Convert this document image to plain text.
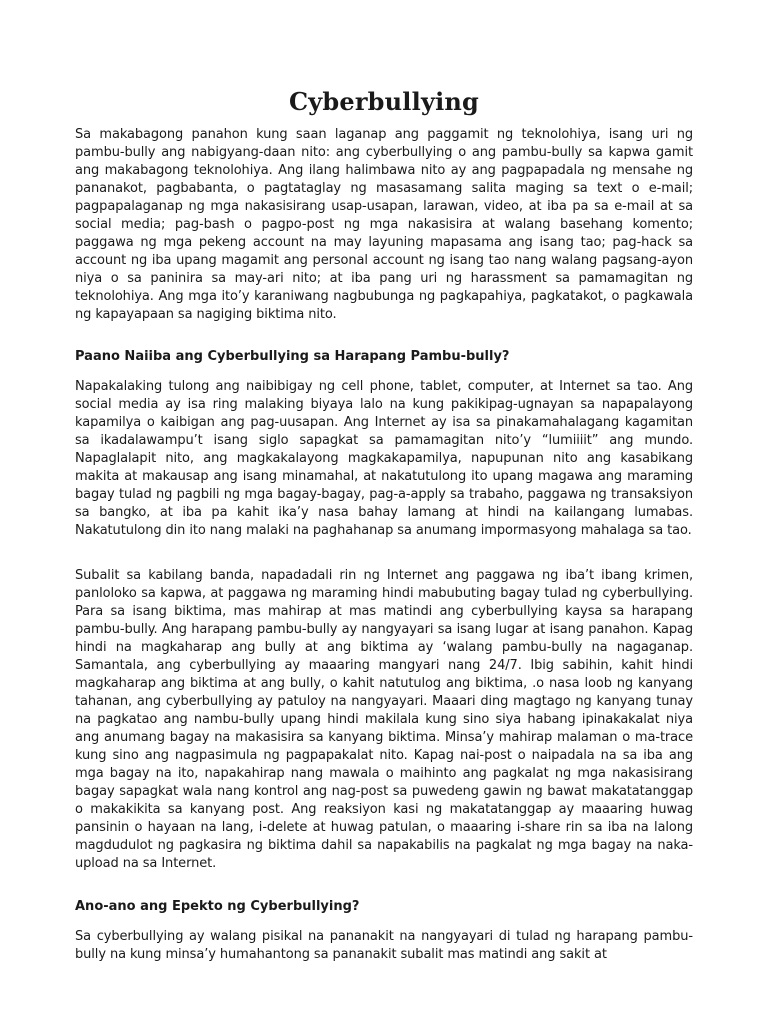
Cyberbullying

Sa makabagong panahon kung saan laganap ang paggamit ng teknolohiya, isang uri ng pambu-bully ang nabigyang-daan nito: ang cyberbullying o ang pambu-bully sa kapwa gamit ang makabagong teknolohiya. Ang ilang halimbawa nito ay ang pagpapadala ng mensahe ng pananakot, pagbabanta, o pagtataglay ng masasamang salita maging sa text o e-mail; pagpapalaganap ng mga nakasisirang usap-usapan, larawan, video, at iba pa sa e-mail at sa social media; pag-bash o pagpo-post ng mga nakasisira at walang basehang komento; paggawa ng mga pekeng account na may layuning mapasama ang isang tao; pag-hack sa account ng iba upang magamit ang personal account ng isang tao nang walang pagsang-ayon niya o sa paninira sa may-ari nito; at iba pang uri ng harassment sa pamamagitan ng teknolohiya. Ang mga ito’y karaniwang nagbubunga ng pagkapahiya, pagkatakot, o pagkawala ng kapayapaan sa nagiging biktima nito.

Paano Naiiba ang Cyberbullying sa Harapang Pambu-bully?

Napakalaking tulong ang naibibigay ng cell phone, tablet, computer, at Internet sa tao. Ang social media ay isa ring malaking biyaya lalo na kung pakikipag-ugnayan sa napapalayong kapamilya o kaibigan ang pag-uusapan. Ang Internet ay isa sa pinakamahalagang kagamitan sa ikadalawampu’t isang siglo sapagkat sa pamamagitan nito’y “lumiiiit” ang mundo. Napaglalapit nito, ang magkakalayong magkakapamilya, napupunan nito ang kasabikang makita at makausap ang isang minamahal, at nakatutulong ito upang magawa ang maraming bagay tulad ng pagbili ng mga bagay-bagay, pag-a-apply sa trabaho, paggawa ng transaksiyon sa bangko, at iba pa kahit ika’y nasa bahay lamang at hindi na kailangang lumabas. Nakatutulong din ito nang malaki na paghahanap sa anumang impormasyong mahalaga sa tao.

Subalit sa kabilang banda, napadadali rin ng Internet ang paggawa ng iba’t ibang krimen, panloloko sa kapwa, at paggawa ng maraming hindi mabubuting bagay tulad ng cyberbullying. Para sa isang biktima, mas mahirap at mas matindi ang cyberbullying kaysa sa harapang pambu-bully. Ang harapang pambu-bully ay nangyayari sa isang lugar at isang panahon. Kapag hindi na magkaharap ang bully at ang biktima ay ‘walang pambu-bully na nagaganap. Samantala, ang cyberbullying ay maaaring mangyari nang 24/7. Ibig sabihin, kahit hindi magkaharap ang biktima at ang bully, o kahit natutulog ang biktima, .o nasa loob ng kanyang tahanan, ang cyberbullying ay patuloy na nangyayari. Maaari ding magtago ng kanyang tunay na pagkatao ang nambu-bully upang hindi makilala kung sino siya habang ipinakakalat niya ang anumang bagay na makasisira sa kanyang biktima. Minsa’y mahirap malaman o ma-trace kung sino ang nagpasimula ng pagpapakalat nito. Kapag nai-post o naipadala na sa iba ang mga bagay na ito, napakahirap nang mawala o maihinto ang pagkalat ng mga nakasisirang bagay sapagkat wala nang kontrol ang nag-post sa puwedeng gawin ng bawat makatatanggap o makakikita sa kanyang post. Ang reaksiyon kasi ng makatatanggap ay maaaring huwag pansinin o hayaan na lang, i-delete at huwag patulan, o maaaring i-share rin sa iba na lalong magdudulot ng pagkasira ng biktima dahil sa napakabilis na pagkalat ng mga bagay na naka-upload na sa Internet.

Ano-ano ang Epekto ng Cyberbullying?

Sa cyberbullying ay walang pisikal na pananakit na nangyayari di tulad ng harapang pambu-bully na kung minsa’y humahantong sa pananakit subalit mas matindi ang sakit at
